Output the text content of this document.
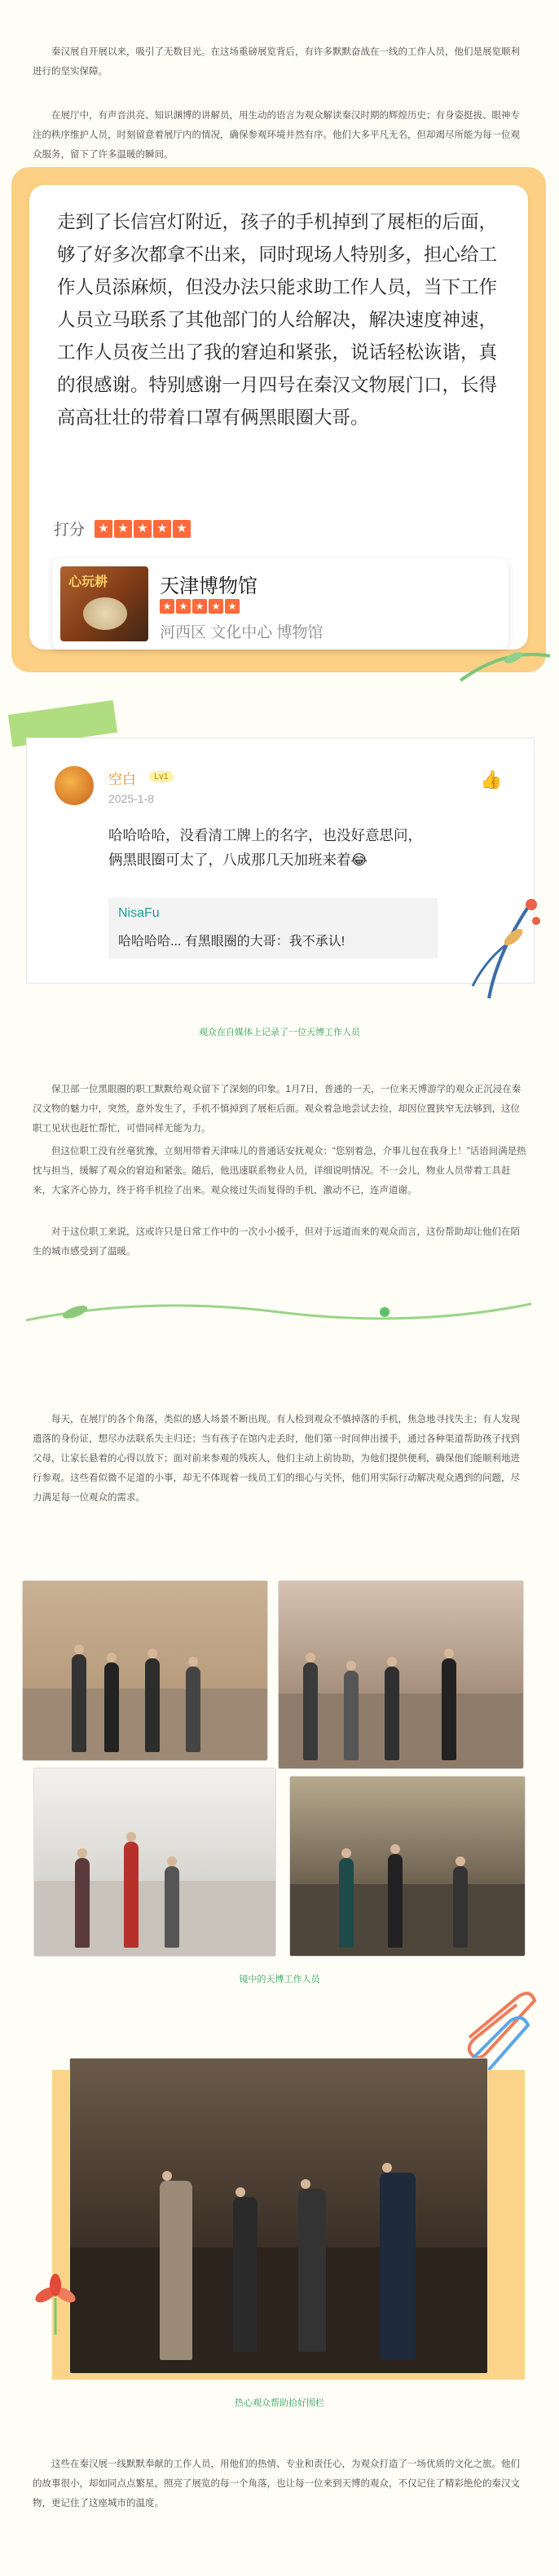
秦汉展自开展以来，吸引了无数目光。在这场重磅展览背后，有许多默默奋战在一线的工作人员，他们是展览顺利进行的坚实保障。

在展厅中，有声音洪亮、知识渊博的讲解员，用生动的语言为观众解读秦汉时期的辉煌历史；有身姿挺拔、眼神专注的秩序维护人员，时刻留意着展厅内的情况，确保参观环境井然有序。他们大多平凡无名，但却竭尽所能为每一位观众服务，留下了许多温暖的瞬间。

走到了长信宫灯附近，孩子的手机掉到了展柜的后面，够了好多次都拿不出来，同时现场人特别多，担心给工作人员添麻烦，但没办法只能求助工作人员，当下工作人员立马联系了其他部门的人给解决，解决速度神速，工作人员夜兰出了我的窘迫和紧张，说话轻松诙谐，真的很感谢。特别感谢一月四号在秦汉文物展门口，长得高高壮壮的带着口罩有俩黑眼圈大哥。

打分 ★ ★ ★ ★ ★
心玩耕	天津博物馆
★ ★ ★ ★ ★
河西区 文化中心 博物馆
空白	Lv1
2025-1-8
👍

哈哈哈哈，没看清工牌上的名字，也没好意思问，俩黑眼圈可太了，八成那几天加班来着😂

NisaFu
哈哈哈哈... 有黑眼圈的大哥：我不承认!
观众在自媒体上记录了一位天博工作人员

保卫部一位黑眼圈的职工默默给观众留下了深刻的印象。1月7日，普通的一天，一位来天博游学的观众正沉浸在秦汉文物的魅力中，突然，意外发生了，手机不慎掉到了展柜后面。观众着急地尝试去捡，却因位置狭窄无法够到，这位职工见状也赶忙帮忙，可惜同样无能为力。

但这位职工没有丝毫犹豫，立刻用带着天津味儿的普通话安抚观众：“您别着急，介事儿包在我身上！”话语间满是热忱与担当，缓解了观众的窘迫和紧张。随后，他迅速联系物业人员，详细说明情况。不一会儿，物业人员带着工具赶来，大家齐心协力，终于将手机捡了出来。观众接过失而复得的手机，激动不已，连声道谢。

对于这位职工来说，这或许只是日常工作中的一次小小援手，但对于远道而来的观众而言，这份帮助却让他们在陌生的城市感受到了温暖。

每天，在展厅的各个角落，类似的感人场景不断出现。有人检到观众不慎掉落的手机，焦急地寻找失主；有人发现遗落的身份证，想尽办法联系失主归还；当有孩子在馆内走丢时，他们第一时间伸出援手，通过各种渠道帮助孩子找到父母，让家长悬着的心得以放下；面对前来参观的残疾人，他们主动上前协助，为他们提供便利，确保他们能顺利地进行参观。这些看似微不足道的小事，却无不体现着一线员工们的细心与关怀，他们用实际行动解决观众遇到的问题，尽力满足每一位观众的需求。

镜中的天博工作人员
热心观众帮助拾好围栏

这些在秦汉展一线默默奉献的工作人员，用他们的热情、专业和责任心，为观众打造了一场优质的文化之旅。他们的故事很小，却如同点点繁星，照亮了展览的每一个角落，也让每一位来到天博的观众，不仅记住了精彩绝伦的秦汉文物，更记住了这座城市的温度。
